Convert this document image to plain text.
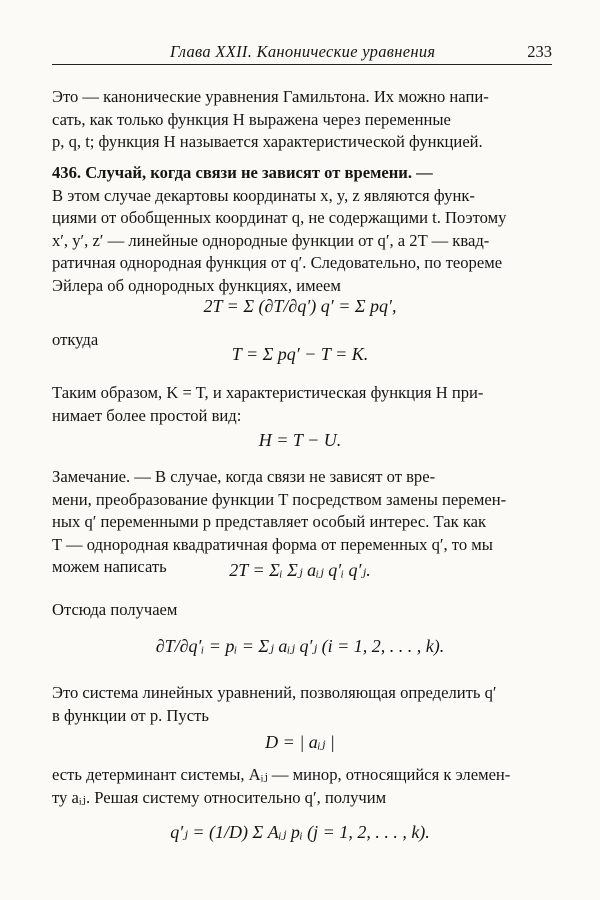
Глава XXII. Канонические уравнения	233
Это — канонические уравнения Гамильтона. Их можно напи-
сать, как только функция H выражена через переменные
p, q, t; функция H называется характеристической функцией.
436. Случай, когда связи не зависят от времени. —
В этом случае декартовы координаты x, y, z являются функ-
циями от обобщенных координат q, не содержащими t. Поэтому
x′, y′, z′ — линейные однородные функции от q′, а 2T — квад-
ратичная однородная функция от q′. Следовательно, по теореме
Эйлера об однородных функциях, имеем
2T = Σ (∂T/∂q′) q′ = Σ pq′,
откуда
T = Σ pq′ − T = K.
Таким образом, K = T, и характеристическая функция H при-
нимает более простой вид:
H = T − U.
Замечание. — В случае, когда связи не зависят от вре-
мени, преобразование функции T посредством замены перемен-
ных q′ переменными p представляет особый интерес. Так как
T — однородная квадратичная форма от переменных q′, то мы
можем написать	2T = Σᵢ Σⱼ aᵢⱼ q′ᵢ q′ⱼ.
Отсюда получаем
∂T/∂q′ᵢ = pᵢ = Σⱼ aᵢⱼ q′ⱼ (i = 1, 2, . . . , k).
Это система линейных уравнений, позволяющая определить q′
в функции от p. Пусть
D = | aᵢⱼ |
есть детерминант системы, Aᵢⱼ — минор, относящийся к элемен-
ту aᵢⱼ. Решая систему относительно q′, получим
q′ⱼ = (1/D) Σ Aᵢⱼ pᵢ (j = 1, 2, . . . , k).
